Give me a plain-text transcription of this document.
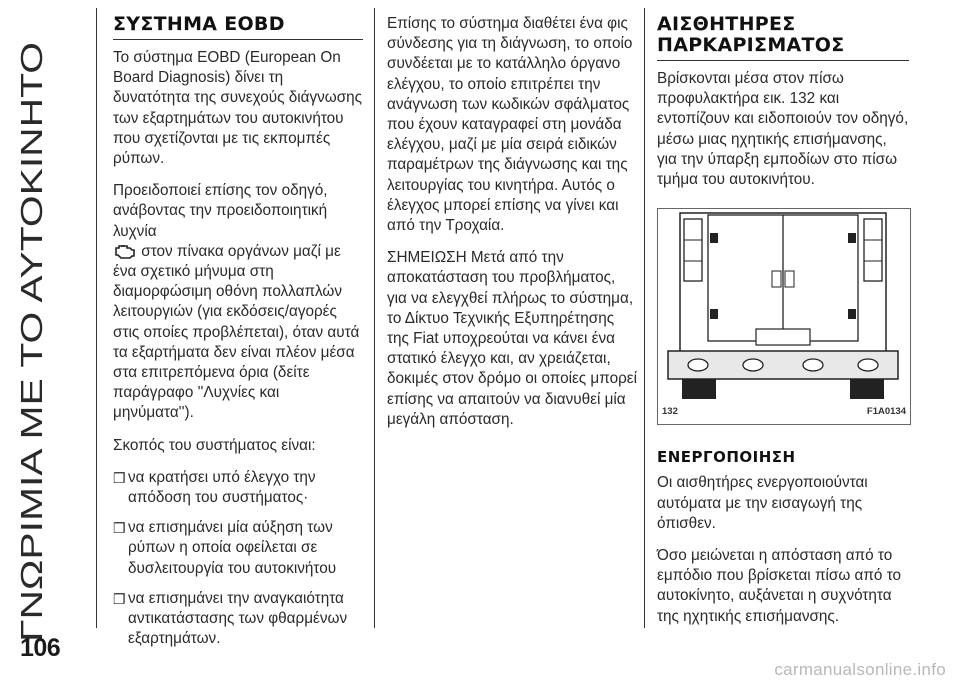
ΓΝΩΡΙΜΙΑ ΜΕ ΤΟ ΑΥΤΟΚΙΝΗΤΟ
106
ΣΥΣΤΗΜΑ EOBD

Το σύστημα EOBD (European On Board Diagnosis) δίνει τη δυνατότητα της συνεχούς διάγνωσης των εξαρτημάτων του αυτοκινήτου που σχετίζονται με τις εκπομπές ρύπων.

Προειδοποιεί επίσης τον οδηγό, ανάβοντας την προειδοποιητική λυχνία
στον πίνακα οργάνων μαζί με ένα σχετικό μήνυμα στη διαμορφώσιμη οθόνη πολλαπλών λειτουργιών (για εκδόσεις/αγορές στις οποίες προβλέπεται), όταν αυτά τα εξαρτήματα δεν είναι πλέον μέσα στα επιτρεπόμενα όρια (δείτε παράγραφο ''Λυχνίες και μηνύματα'').

Σκοπός του συστήματος είναι:

❒ να κρατήσει υπό έλεγχο την απόδοση του συστήματος·
❒ να επισημάνει μία αύξηση των ρύπων η οποία οφείλεται σε δυσλειτουργία του αυτοκινήτου
❒ να επισημάνει την αναγκαιότητα αντικατάστασης των φθαρμένων εξαρτημάτων.

Επίσης το σύστημα διαθέτει ένα φις σύνδεσης για τη διάγνωση, το οποίο συνδέεται με το κατάλληλο όργανο ελέγχου, το οποίο επιτρέπει την ανάγνωση των κωδικών σφάλματος που έχουν καταγραφεί στη μονάδα ελέγχου, μαζί με μία σειρά ειδικών παραμέτρων της διάγνωσης και της λειτουργίας του κινητήρα. Αυτός ο έλεγχος μπορεί επίσης να γίνει και από την Τροχαία.

ΣΗΜΕΙΩΣΗ Μετά από την αποκατάσταση του προβλήματος, για να ελεγχθεί πλήρως το σύστημα, το Δίκτυο Τεχνικής Εξυπηρέτησης της Fiat υποχρεούται να κάνει ένα στατικό έλεγχο και, αν χρειάζεται, δοκιμές στον δρόμο οι οποίες μπορεί επίσης να απαιτούν να διανυθεί μία μεγάλη απόσταση.

ΑΙΣΘΗΤΗΡΕΣ
ΠΑΡΚΑΡΙΣΜΑΤΟΣ

Βρίσκονται μέσα στον πίσω προφυλακτήρα εικ. 132 και εντοπίζουν και ειδοποιούν τον οδηγό, μέσω μιας ηχητικής επισήμανσης, για την ύπαρξη εμποδίων στο πίσω τμήμα του αυτοκινήτου.

132	F1A0134
ΕΝΕΡΓΟΠΟΙΗΣΗ

Οι αισθητήρες ενεργοποιούνται αυτόματα με την εισαγωγή της όπισθεν.

Όσο μειώνεται η απόσταση από το εμπόδιο που βρίσκεται πίσω από το αυτοκίνητο, αυξάνεται η συχνότητα της ηχητικής επισήμανσης.

carmanualsonline.info
